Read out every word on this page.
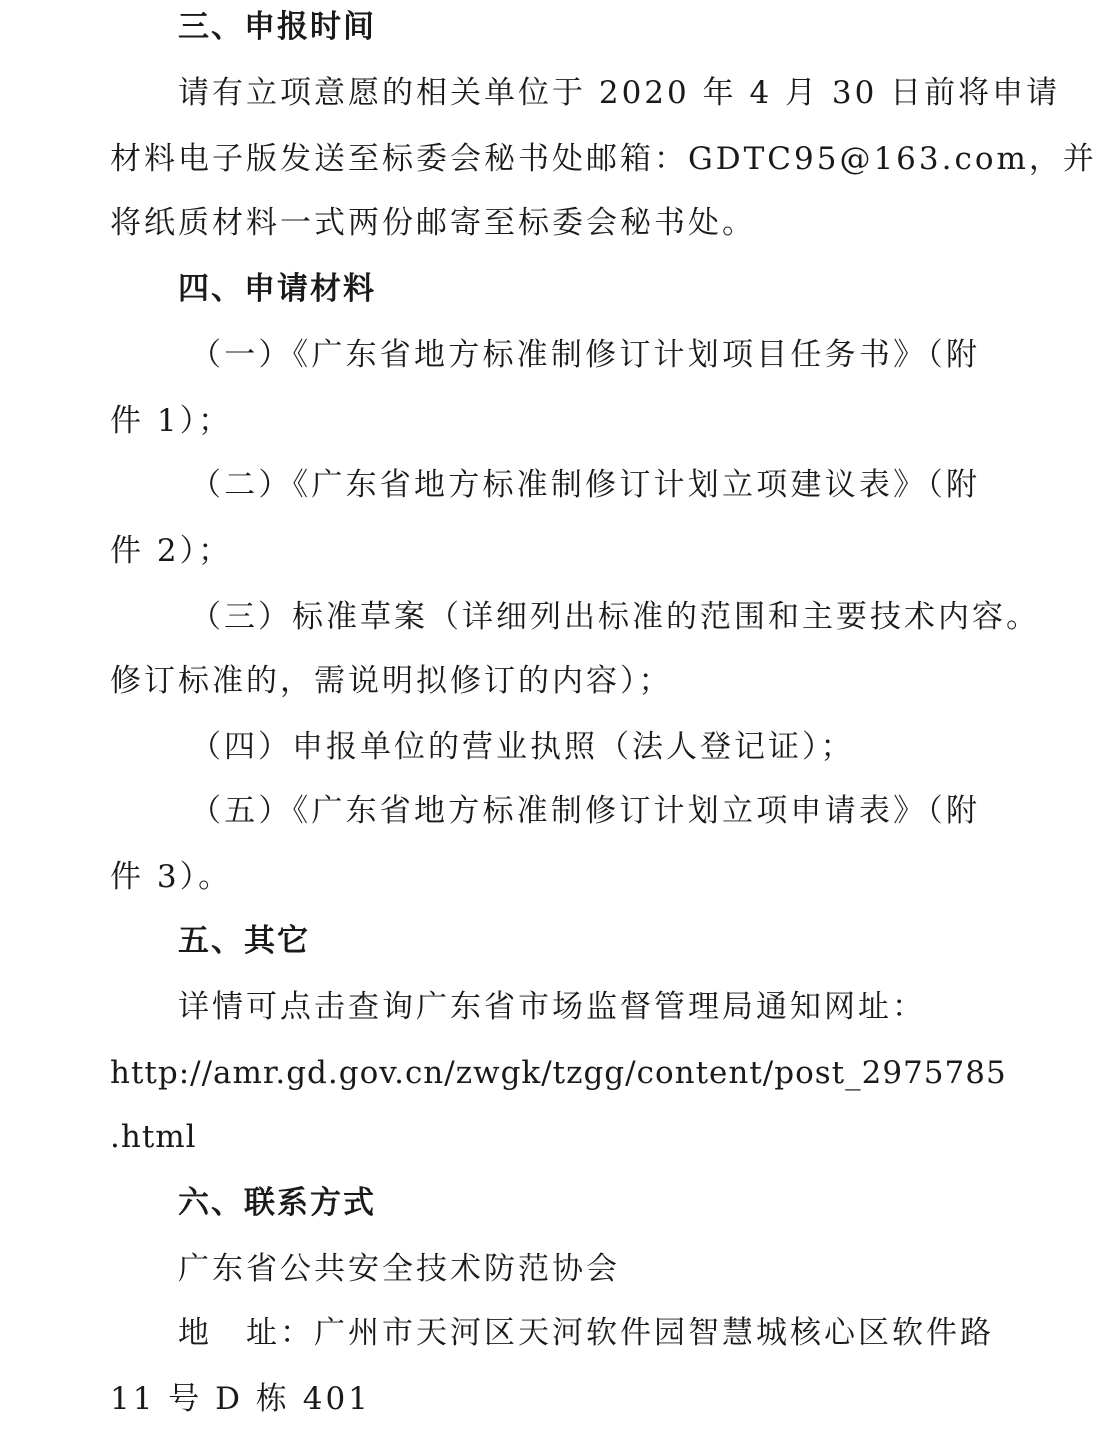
三、申报时间
请有立项意愿的相关单位于 2020 年 4 月 30 日前将申请
材料电子版发送至标委会秘书处邮箱：GDTC95@163.com，并
将纸质材料一式两份邮寄至标委会秘书处。
四、申请材料
（一）《广东省地方标准制修订计划项目任务书》（附
件 1）；
（二）《广东省地方标准制修订计划立项建议表》（附
件 2）；
（三）标准草案（详细列出标准的范围和主要技术内容。
修订标准的，需说明拟修订的内容）；
（四）申报单位的营业执照（法人登记证）；
（五）《广东省地方标准制修订计划立项申请表》（附
件 3）。
五、其它
详情可点击查询广东省市场监督管理局通知网址：
http://amr.gd.gov.cn/zwgk/tzgg/content/post_2975785
.html
六、联系方式
广东省公共安全技术防范协会
地　址：广州市天河区天河软件园智慧城核心区软件路
11 号 D 栋 401
